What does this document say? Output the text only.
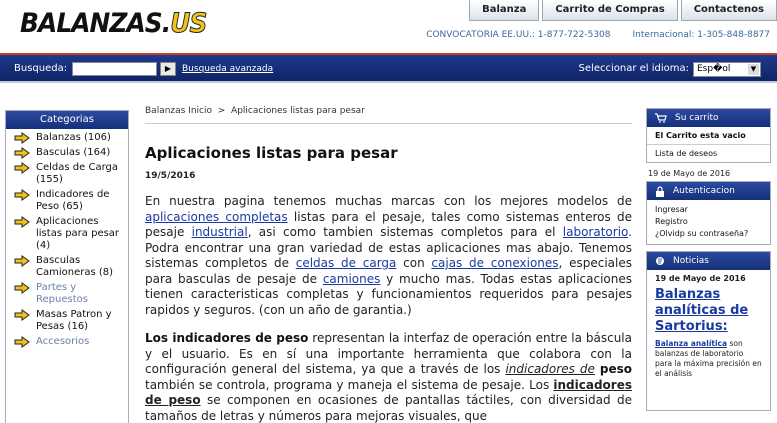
BALANZAS.US	Balanza	Carrito de Compras	Contactenos
CONVOCATORIA EE.UU.: 1-877-722-5308 Internacional: 1-305-848-8877
Busqueda:	▶	Busqueda avanzada	Seleccionar el idioma: Esp�ol	▼
Categorias
Balanzas (106)
Basculas (164)
Celdas de Carga (155)
Indicadores de Peso (65)
Aplicaciones listas para pesar (4)
Basculas Camioneras (8)
Partes y Repuestos
Masas Patron y Pesas (16)
Accesorios
Balanzas Inicio > Aplicaciones listas para pesar
Aplicaciones listas para pesar
19/5/2016
En nuestra pagina tenemos muchas marcas con los mejores modelos de aplicaciones completas listas para el pesaje, tales como sistemas enteros de pesaje industrial, asi como tambien sistemas completos para el laboratorio. Podra encontrar una gran variedad de estas aplicaciones mas abajo. Tenemos sistemas completos de celdas de carga con cajas de conexiones, especiales para basculas de pesaje de camiones y mucho mas. Todas estas aplicaciones tienen caracteristicas completas y funcionamientos requeridos para pesajes rapidos y seguros. (con un año de garantia.)
Los indicadores de peso representan la interfaz de operación entre la báscula y el usuario. Es en sí una importante herramienta que colabora con la configuración general del sistema, ya que a través de los indicadores de peso también se controla, programa y maneja el sistema de pesaje. Los indicadores de peso se componen en ocasiones de pantallas táctiles, con diversidad de tamaños de letras y números para mejoras visuales, que
Su carrito
El Carrito esta vacio
Lista de deseos
19 de Mayo de 2016
Autenticacion
Ingresar
Registro
¿Olvidp su contraseña?
Noticias
19 de Mayo de 2016
Balanzas analíticas de Sartorius:
Balanza analítica son balanzas de laboratorio para la máxima precisión en el análisis
